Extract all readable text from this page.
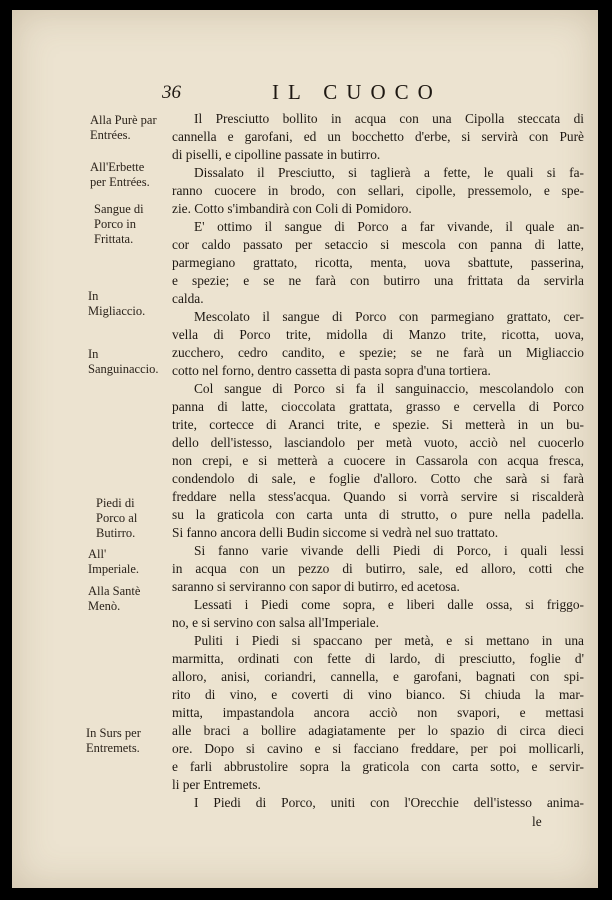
36	IL CUOCO
Alla Purè par Entrées.
All'Erbette per Entrées.
Sangue di Porco in Frittata.
In Migliaccio.
In Sanguinaccio.
Piedi di Porco al Butirro.
All' Imperiale.
Alla Santè Menò.
In Surs per Entremets.
Il Presciutto bollito in acqua con una Cipolla steccata di
cannella e garofani, ed un bocchetto d'erbe, si servirà con Purè
di piselli, e cipolline passate in butirro.
Dissalato il Presciutto, si taglierà a fette, le quali si fa-
ranno cuocere in brodo, con sellari, cipolle, pressemolo, e spe-
zie. Cotto s'imbandirà con Coli di Pomidoro.
E' ottimo il sangue di Porco a far vivande, il quale an-
cor caldo passato per setaccio si mescola con panna di latte,
parmegiano grattato, ricotta, menta, uova sbattute, passerina,
e spezie; e se ne farà con butirro una frittata da servirla
calda.
Mescolato il sangue di Porco con parmegiano grattato, cer-
vella di Porco trite, midolla di Manzo trite, ricotta, uova,
zucchero, cedro candito, e spezie; se ne farà un Migliaccio
cotto nel forno, dentro cassetta di pasta sopra d'una tortiera.
Col sangue di Porco si fa il sanguinaccio, mescolandolo con
panna di latte, cioccolata grattata, grasso e cervella di Porco
trite, cortecce di Aranci trite, e spezie. Si metterà in un bu-
dello dell'istesso, lasciandolo per metà vuoto, acciò nel cuocerlo
non crepi, e si metterà a cuocere in Cassarola con acqua fresca,
condendolo di sale, e foglie d'alloro. Cotto che sarà si farà
freddare nella stess'acqua. Quando si vorrà servire si riscalderà
su la graticola con carta unta di strutto, o pure nella padella.
Si fanno ancora delli Budin siccome si vedrà nel suo trattato.
Si fanno varie vivande delli Piedi di Porco, i quali lessi
in acqua con un pezzo di butirro, sale, ed alloro, cotti che
saranno si serviranno con sapor di butirro, ed acetosa.
Lessati i Piedi come sopra, e liberi dalle ossa, si friggo-
no, e si servino con salsa all'Imperiale.
Puliti i Piedi si spaccano per metà, e si mettano in una
marmitta, ordinati con fette di lardo, di presciutto, foglie d'
alloro, anisi, coriandri, cannella, e garofani, bagnati con spi-
rito di vino, e coverti di vino bianco. Si chiuda la mar-
mitta, impastandola ancora acciò non svapori, e mettasi
alle braci a bollire adagiatamente per lo spazio di circa dieci
ore. Dopo si cavino e si facciano freddare, per poi mollicarli,
e farli abbrustolire sopra la graticola con carta sotto, e servir-
li per Entremets.
I Piedi di Porco, uniti con l'Orecchie dell'istesso anima-
le
